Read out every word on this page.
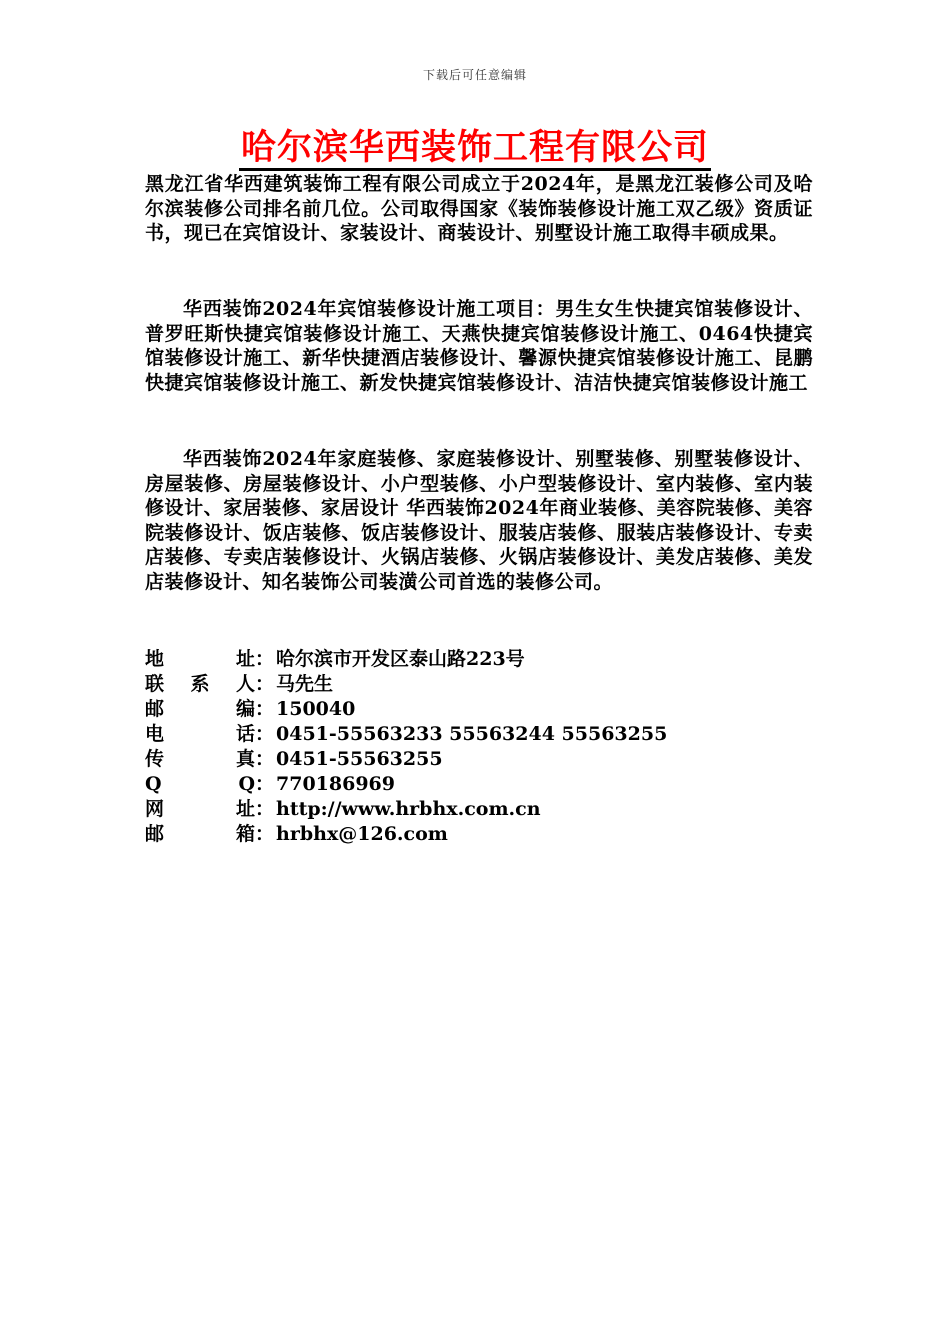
下载后可任意编辑
哈尔滨华西装饰工程有限公司
黑龙江省华西建筑装饰工程有限公司成立于2024年，是黑龙江装修公司及哈尔滨装修公司排名前几位。公司取得国家《装饰装修设计施工双乙级》资质证书，现已在宾馆设计、家装设计、商装设计、别墅设计施工取得丰硕成果。
华西装饰2024年宾馆装修设计施工项目：男生女生快捷宾馆装修设计、普罗旺斯快捷宾馆装修设计施工、天燕快捷宾馆装修设计施工、0464快捷宾馆装修设计施工、新华快捷酒店装修设计、馨源快捷宾馆装修设计施工、昆鹏快捷宾馆装修设计施工、新发快捷宾馆装修设计、洁洁快捷宾馆装修设计施工
华西装饰2024年家庭装修、家庭装修设计、别墅装修、别墅装修设计、房屋装修、房屋装修设计、小户型装修、小户型装修设计、室内装修、室内装修设计、家居装修、家居设计 华西装饰2024年商业装修、美容院装修、美容院装修设计、饭店装修、饭店装修设计、服装店装修、服装店装修设计、专卖店装修、专卖店装修设计、火锅店装修、火锅店装修设计、美发店装修、美发店装修设计、知名装饰公司装潢公司首选的装修公司。
地	址 ： 哈尔滨市开发区泰山路223号
联 系 人 ： 马先生
邮	编 ： 150040
电	话 ： 0451-55563233 55563244 55563255
传	真 ： 0451-55563255
Q	Q ： 770186969
网	址 ： http://www.hrbhx.com.cn
邮	箱 ： hrbhx@126.com
